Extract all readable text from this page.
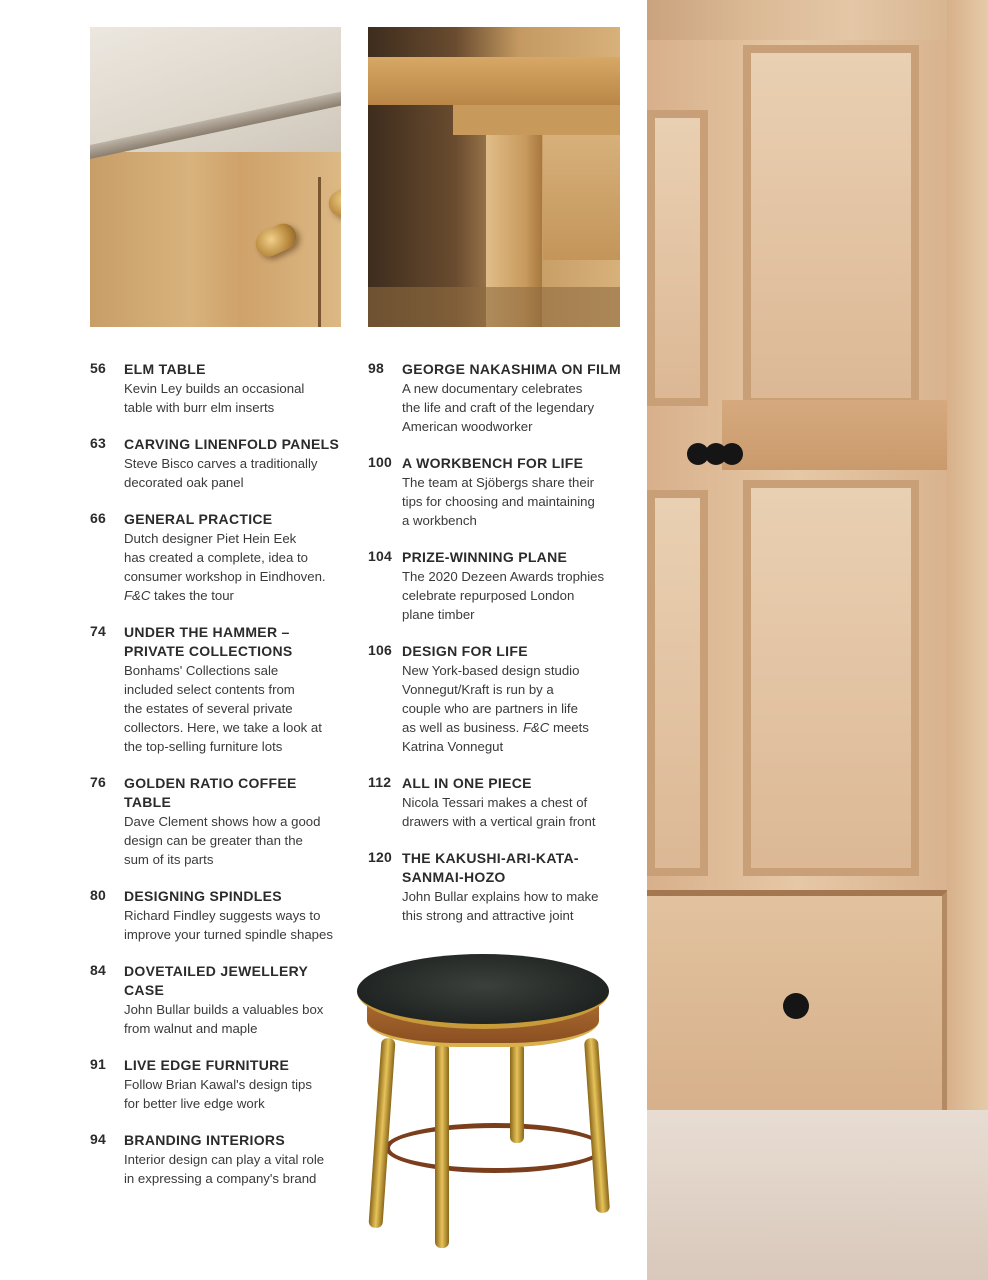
56 ELM TABLE
Kevin Ley builds an occasional
table with burr elm inserts
63 CARVING LINENFOLD PANELS
Steve Bisco carves a traditionally
decorated oak panel
66 GENERAL PRACTICE
Dutch designer Piet Hein Eek
has created a complete, idea to
consumer workshop in Eindhoven.
F&C takes the tour
74 UNDER THE HAMMER –
PRIVATE COLLECTIONS
Bonhams' Collections sale
included select contents from
the estates of several private
collectors. Here, we take a look at
the top-selling furniture lots
76 GOLDEN RATIO COFFEE TABLE
Dave Clement shows how a good
design can be greater than the
sum of its parts
80 DESIGNING SPINDLES
Richard Findley suggests ways to
improve your turned spindle shapes
84 DOVETAILED JEWELLERY
CASE
John Bullar builds a valuables box
from walnut and maple
91 LIVE EDGE FURNITURE
Follow Brian Kawal's design tips
for better live edge work
94 BRANDING INTERIORS
Interior design can play a vital role
in expressing a company's brand
98 GEORGE NAKASHIMA ON FILM
A new documentary celebrates
the life and craft of the legendary
American woodworker
100 A WORKBENCH FOR LIFE
The team at Sjöbergs share their
tips for choosing and maintaining
a workbench
104 PRIZE-WINNING PLANE
The 2020 Dezeen Awards trophies
celebrate repurposed London
plane timber
106 DESIGN FOR LIFE
New York-based design studio
Vonnegut/Kraft is run by a
couple who are partners in life
as well as business. F&C meets
Katrina Vonnegut
112 ALL IN ONE PIECE
Nicola Tessari makes a chest of
drawers with a vertical grain front
120 THE KAKUSHI-ARI-KATA-
SANMAI-HOZO
John Bullar explains how to make
this strong and attractive joint
